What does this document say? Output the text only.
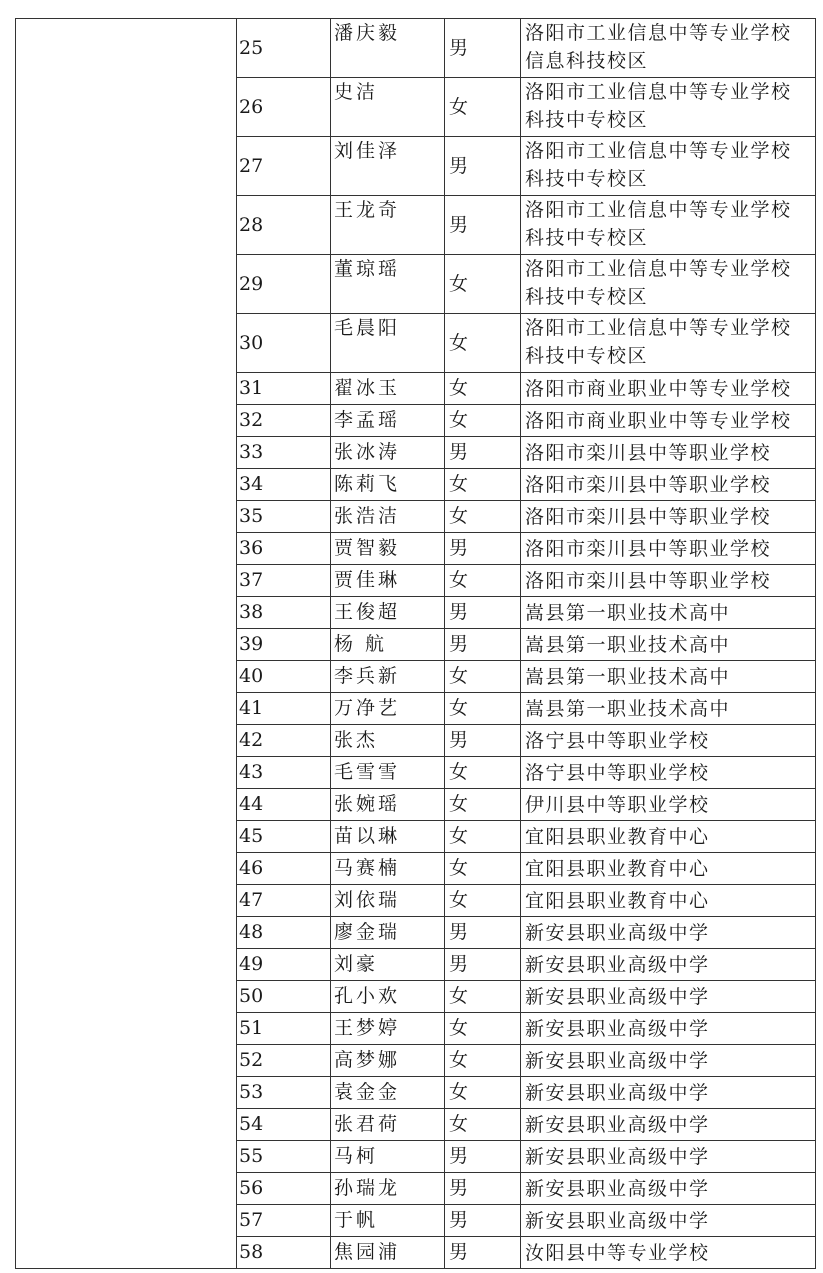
	25	潘庆毅	男	洛阳市工业信息中等专业学校
信息科技校区

	26	史洁	女	洛阳市工业信息中等专业学校
科技中专校区

	27	刘佳泽	男	洛阳市工业信息中等专业学校
科技中专校区

	28	王龙奇	男	洛阳市工业信息中等专业学校
科技中专校区

	29	董琼瑶	女	洛阳市工业信息中等专业学校
科技中专校区

	30	毛晨阳	女	洛阳市工业信息中等专业学校
科技中专校区

	31	翟冰玉	女	洛阳市商业职业中等专业学校

	32	李孟瑶	女	洛阳市商业职业中等专业学校

	33	张冰涛	男	洛阳市栾川县中等职业学校

	34	陈莉飞	女	洛阳市栾川县中等职业学校

	35	张浩洁	女	洛阳市栾川县中等职业学校

	36	贾智毅	男	洛阳市栾川县中等职业学校

	37	贾佳琳	女	洛阳市栾川县中等职业学校

	38	王俊超	男	嵩县第一职业技术高中

	39	杨 航	男	嵩县第一职业技术高中

	40	李兵新	女	嵩县第一职业技术高中

	41	万净艺	女	嵩县第一职业技术高中

	42	张杰	男	洛宁县中等职业学校

	43	毛雪雪	女	洛宁县中等职业学校

	44	张婉瑶	女	伊川县中等职业学校

	45	苗以琳	女	宜阳县职业教育中心

	46	马赛楠	女	宜阳县职业教育中心

	47	刘依瑞	女	宜阳县职业教育中心

	48	廖金瑞	男	新安县职业高级中学

	49	刘豪	男	新安县职业高级中学

	50	孔小欢	女	新安县职业高级中学

	51	王梦婷	女	新安县职业高级中学

	52	高梦娜	女	新安县职业高级中学

	53	袁金金	女	新安县职业高级中学

	54	张君荷	女	新安县职业高级中学

	55	马柯	男	新安县职业高级中学

	56	孙瑞龙	男	新安县职业高级中学

	57	于帆	男	新安县职业高级中学

	58	焦园浦	男	汝阳县中等专业学校
